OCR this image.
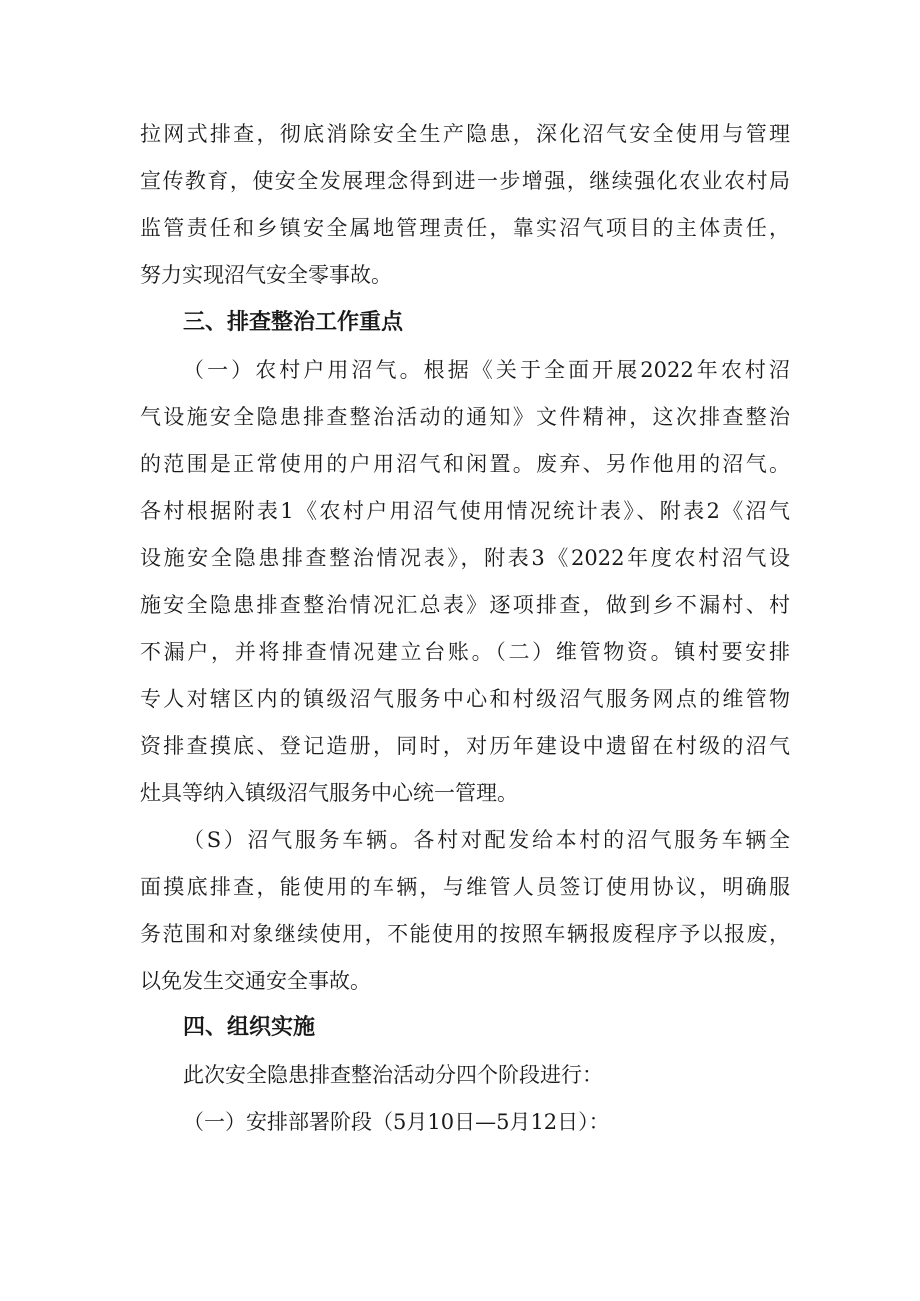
拉网式排查，彻底消除安全生产隐患，深化沼气安全使用与管理
宣传教育，使安全发展理念得到进一步增强，继续强化农业农村局
监管责任和乡镇安全属地管理责任，靠实沼气项目的主体责任，
努力实现沼气安全零事故。
三、排查整治工作重点
（一）农村户用沼气。根据《关于全面开展2022年农村沼
气设施安全隐患排查整治活动的通知》文件精神，这次排查整治
的范围是正常使用的户用沼气和闲置。废弃、另作他用的沼气。
各村根据附表1《农村户用沼气使用情况统计表》、附表2《沼气
设施安全隐患排查整治情况表》，附表3《2022年度农村沼气设
施安全隐患排查整治情况汇总表》逐项排查，做到乡不漏村、村
不漏户，并将排查情况建立台账。（二）维管物资。镇村要安排
专人对辖区内的镇级沼气服务中心和村级沼气服务网点的维管物
资排查摸底、登记造册，同时，对历年建设中遗留在村级的沼气
灶具等纳入镇级沼气服务中心统一管理。
（S）沼气服务车辆。各村对配发给本村的沼气服务车辆全
面摸底排查，能使用的车辆，与维管人员签订使用协议，明确服
务范围和对象继续使用，不能使用的按照车辆报废程序予以报废，
以免发生交通安全事故。
四、组织实施
此次安全隐患排查整治活动分四个阶段进行：
（一）安排部署阶段（5月10日—5月12日）：
